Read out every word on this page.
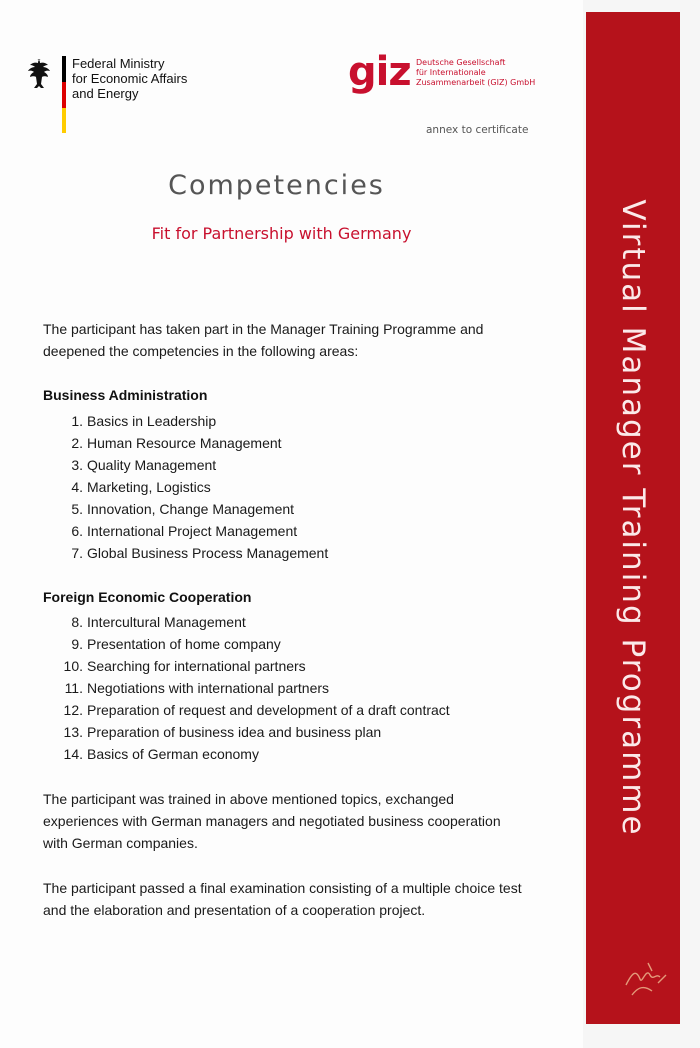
Federal Ministry
for Economic Affairs
and Energy	giz Deutsche Gesellschaft
für Internationale
Zusammenarbeit (GIZ) GmbH
annex to certificate
Competencies
Fit for Partnership with Germany
The participant has taken part in the Manager Training Programme and deepened the competencies in the following areas:
Business Administration
1. Basics in Leadership
2. Human Resource Management
3. Quality Management
4. Marketing, Logistics
5. Innovation, Change Management
6. International Project Management
7. Global Business Process Management
Foreign Economic Cooperation
8. Intercultural Management
9. Presentation of home company
10. Searching for international partners
11. Negotiations with international partners
12. Preparation of request and development of a draft contract
13. Preparation of business idea and business plan
14. Basics of German economy
The participant was trained in above mentioned topics, exchanged experiences with German managers and negotiated business cooperation with German companies.
The participant passed a final examination consisting of a multiple choice test and the elaboration and presentation of a cooperation project.
Virtual Manager Training Programme
